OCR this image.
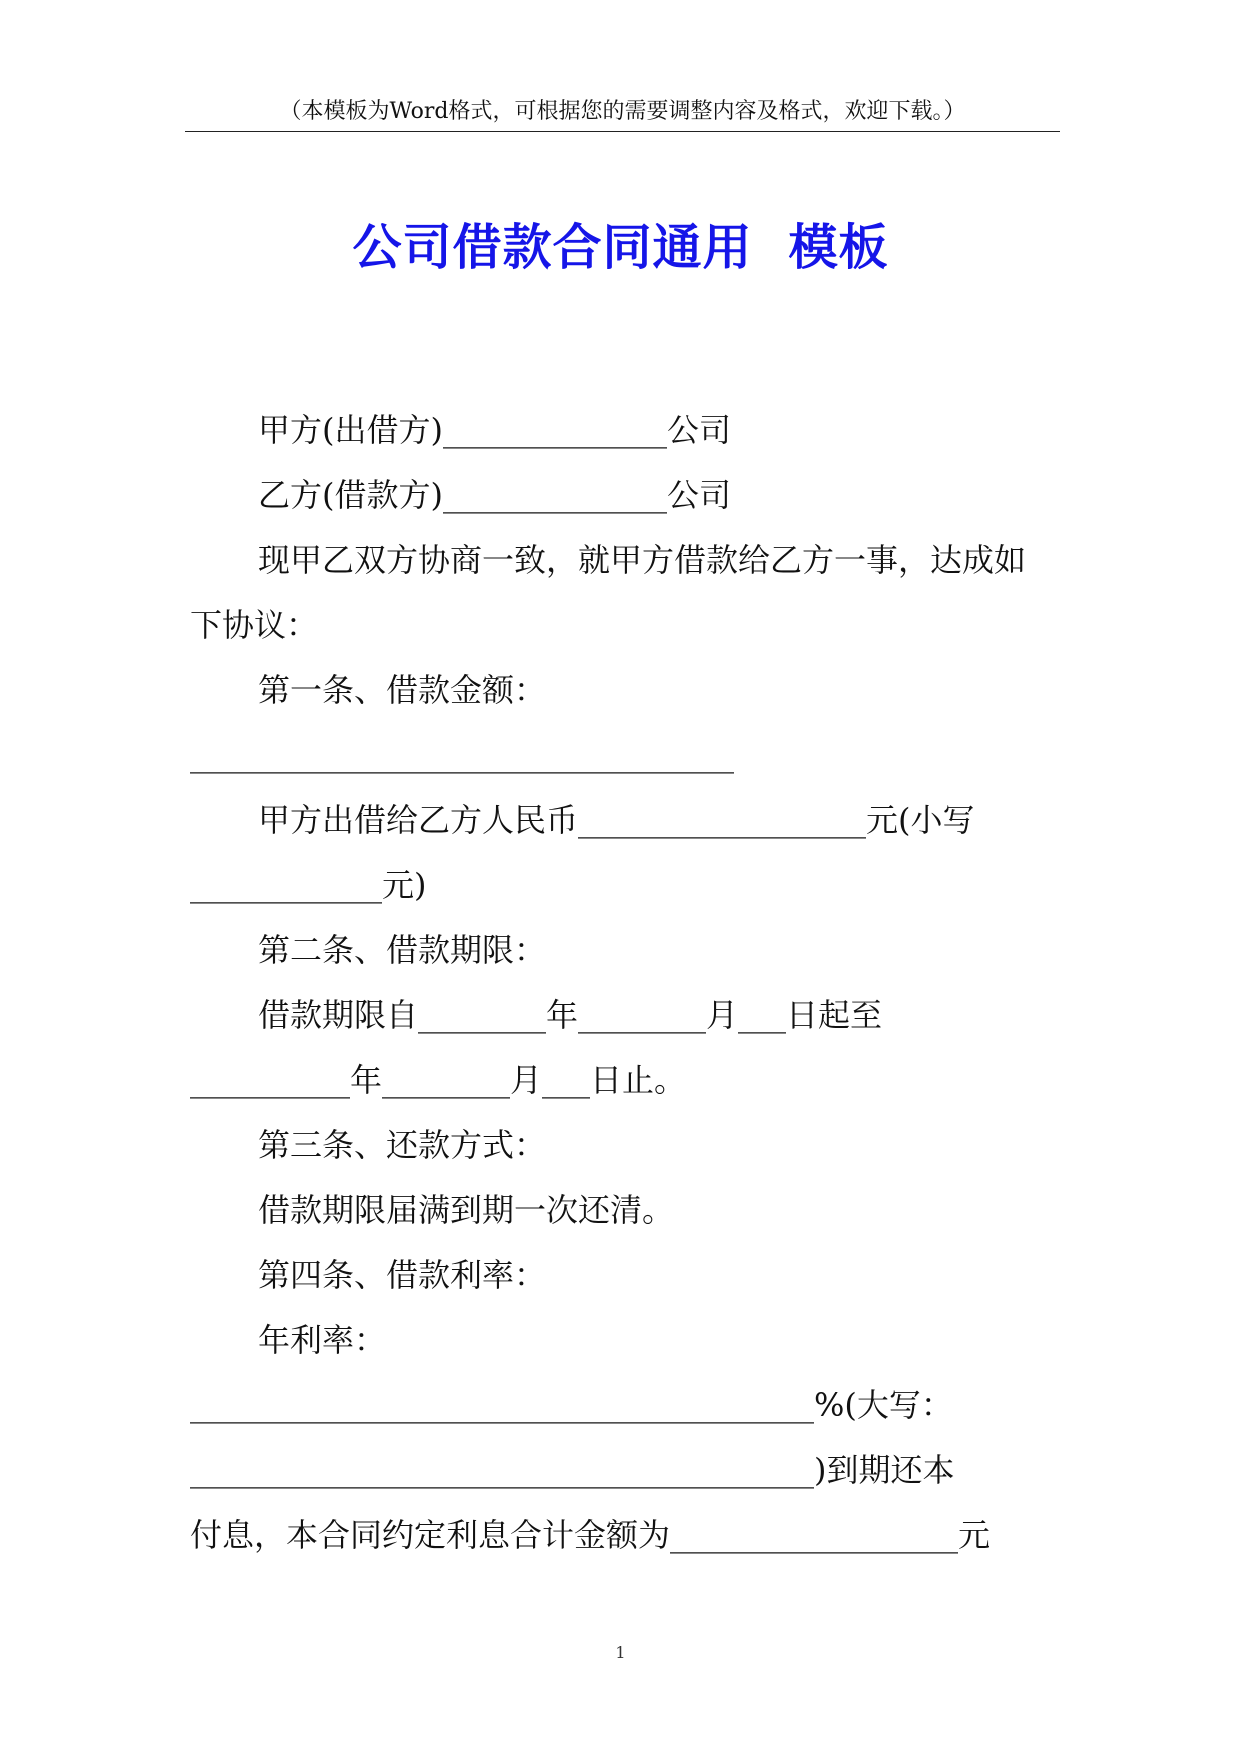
（本模板为Word格式，可根据您的需要调整内容及格式，欢迎下载。）
公司借款合同通用  模板
甲方(出借方)______________公司
乙方(借款方)______________公司
现甲乙双方协商一致，就甲方借款给乙方一事，达成如
下协议：
第一条、借款金额：
__________________________________
甲方出借给乙方人民币__________________元(小写
____________元)
第二条、借款期限：
借款期限自________年________月___日起至
__________年________月___日止。
第三条、还款方式：
借款期限届满到期一次还清。
第四条、借款利率：
年利率：
_______________________________________%(大写：
_______________________________________)到期还本
付息，本合同约定利息合计金额为__________________元
1
